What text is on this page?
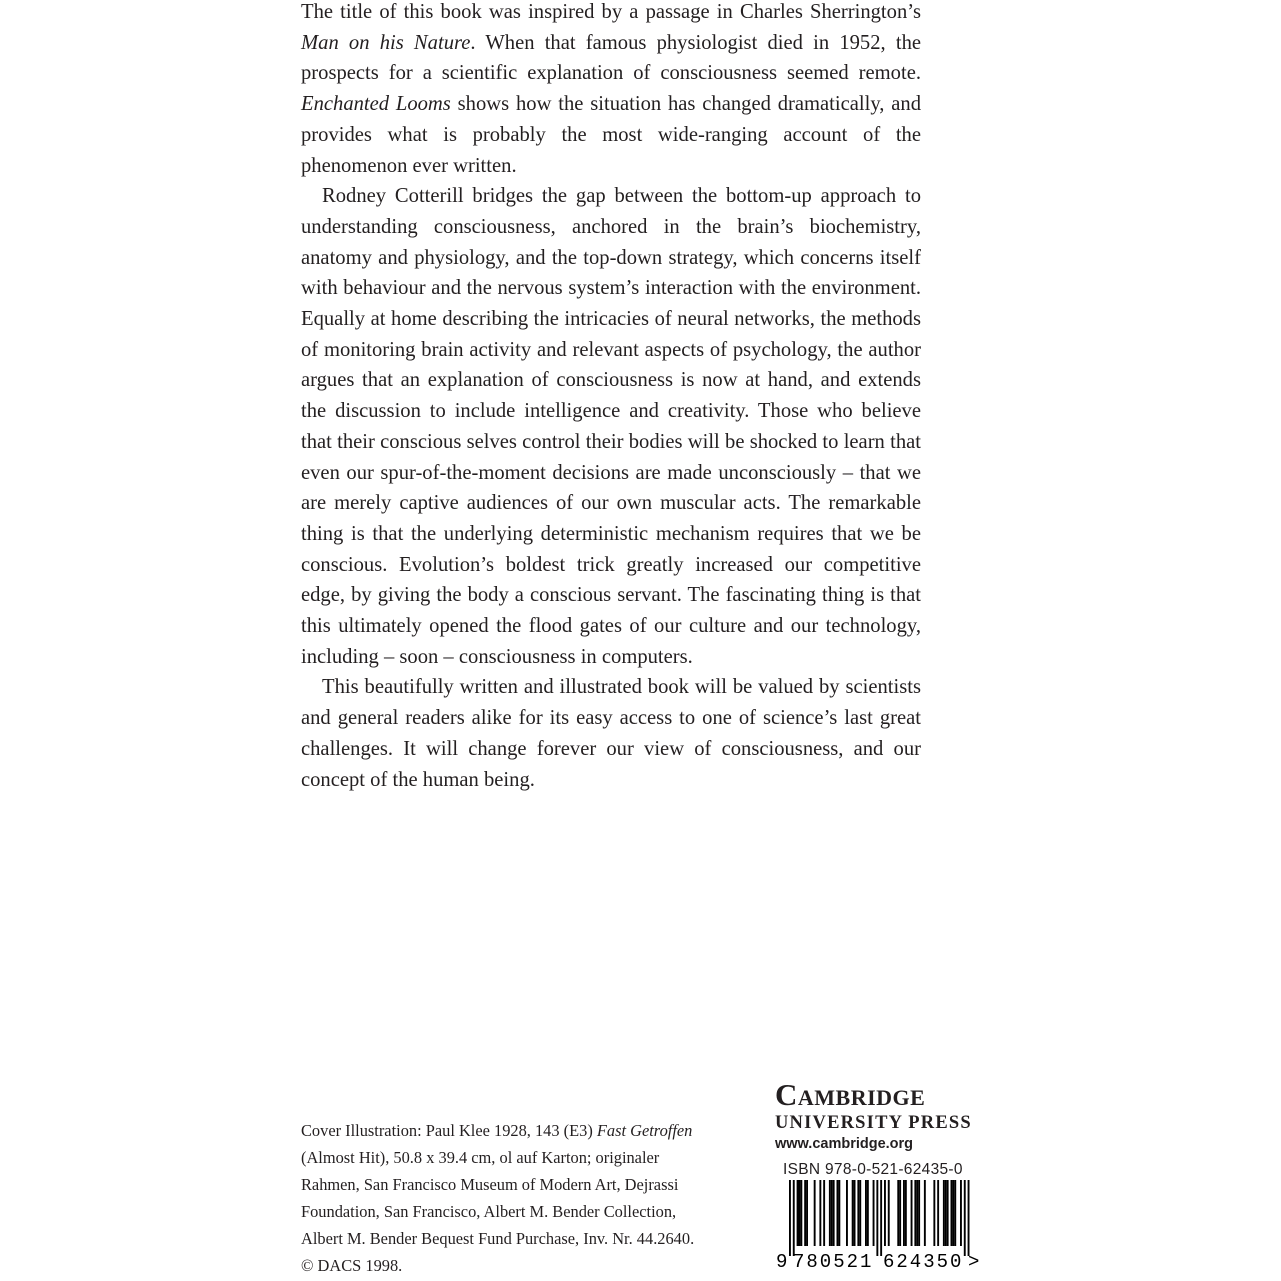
The title of this book was inspired by a passage in Charles Sherrington’s Man on his Nature. When that famous physiologist died in 1952, the prospects for a scientific explanation of consciousness seemed remote. Enchanted Looms shows how the situation has changed dramatically, and provides what is probably the most wide-ranging account of the phenomenon ever written.

Rodney Cotterill bridges the gap between the bottom-up approach to understanding consciousness, anchored in the brain’s biochemistry, anatomy and physiology, and the top-down strategy, which concerns itself with behaviour and the nervous system’s interaction with the environment. Equally at home describing the intricacies of neural networks, the methods of monitoring brain activity and relevant aspects of psychology, the author argues that an explanation of consciousness is now at hand, and extends the discussion to include intelligence and creativity. Those who believe that their conscious selves control their bodies will be shocked to learn that even our spur-of-the-moment decisions are made unconsciously – that we are merely captive audiences of our own muscular acts. The remarkable thing is that the underlying deterministic mechanism requires that we be conscious. Evolution’s boldest trick greatly increased our competitive edge, by giving the body a conscious servant. The fascinating thing is that this ultimately opened the flood gates of our culture and our technology, including – soon – consciousness in computers.

This beautifully written and illustrated book will be valued by scientists and general readers alike for its easy access to one of science’s last great challenges. It will change forever our view of consciousness, and our concept of the human being.

Cover Illustration: Paul Klee 1928, 143 (E3) Fast Getroffen (Almost Hit), 50.8 x 39.4 cm, ol auf Karton; originaler Rahmen, San Francisco Museum of Modern Art, Dejrassi Foundation, San Francisco, Albert M. Bender Collection, Albert M. Bender Bequest Fund Purchase, Inv. Nr. 44.2640. © DACS 1998.

Cambridge

UNIVERSITY PRESS

www.cambridge.org

ISBN 978-0-521-62435-0
9 780521 624350 >
